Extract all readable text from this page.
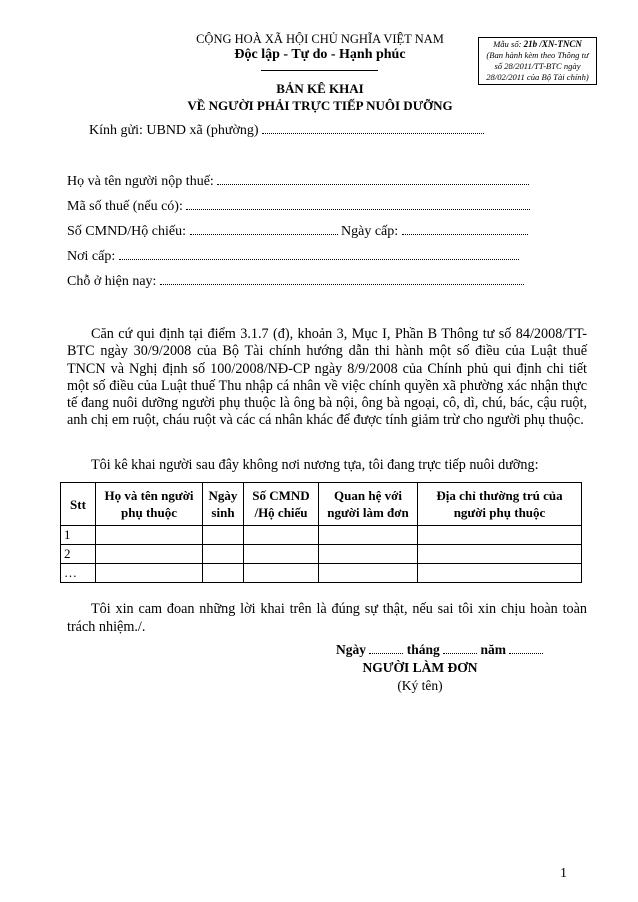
CỘNG HOÀ XÃ HỘI CHỦ NGHĨA VIỆT NAM
Độc lập - Tự do - Hạnh phúc
Mẫu số: 21b /XN-TNCN
(Ban hành kèm theo Thông tư
số 28/2011/TT-BTC ngày
28/02/2011 của Bộ Tài chính)
BẢN KÊ KHAI
VỀ NGƯỜI PHẢI TRỰC TIẾP NUÔI DƯỠNG
Kính gửi: UBND xã (phường)
Họ và tên người nộp thuế:
Mã số thuế (nếu có):
Số CMND/Hộ chiếu:	Ngày cấp:
Nơi cấp:
Chỗ ở hiện nay:
Căn cứ qui định tại điểm 3.1.7 (đ), khoản 3, Mục I, Phần B Thông tư số 84/2008/TT-BTC ngày 30/9/2008 của Bộ Tài chính hướng dẫn thi hành một số điều của Luật thuế TNCN và Nghị định số 100/2008/NĐ-CP ngày 8/9/2008 của Chính phủ qui định chi tiết một số điều của Luật thuế Thu nhập cá nhân về việc chính quyền xã phường xác nhận thực tế đang nuôi dưỡng người phụ thuộc là ông bà nội, ông bà ngoại, cô, dì, chú, bác, cậu ruột, anh chị em ruột, cháu ruột và các cá nhân khác để được tính giảm trừ cho người phụ thuộc.
Tôi kê khai người sau đây không nơi nương tựa, tôi đang trực tiếp nuôi dưỡng:
Stt	Họ và tên người phụ thuộc	Ngày sinh	Số CMND /Hộ chiếu	Quan hệ với người làm đơn	Địa chỉ thường trú của người phụ thuộc
1					
2					
…					
Tôi xin cam đoan những lời khai trên là đúng sự thật, nếu sai tôi xin chịu hoàn toàn trách nhiệm./.
Ngày	tháng	năm
NGƯỜI LÀM ĐƠN
(Ký tên)
1
